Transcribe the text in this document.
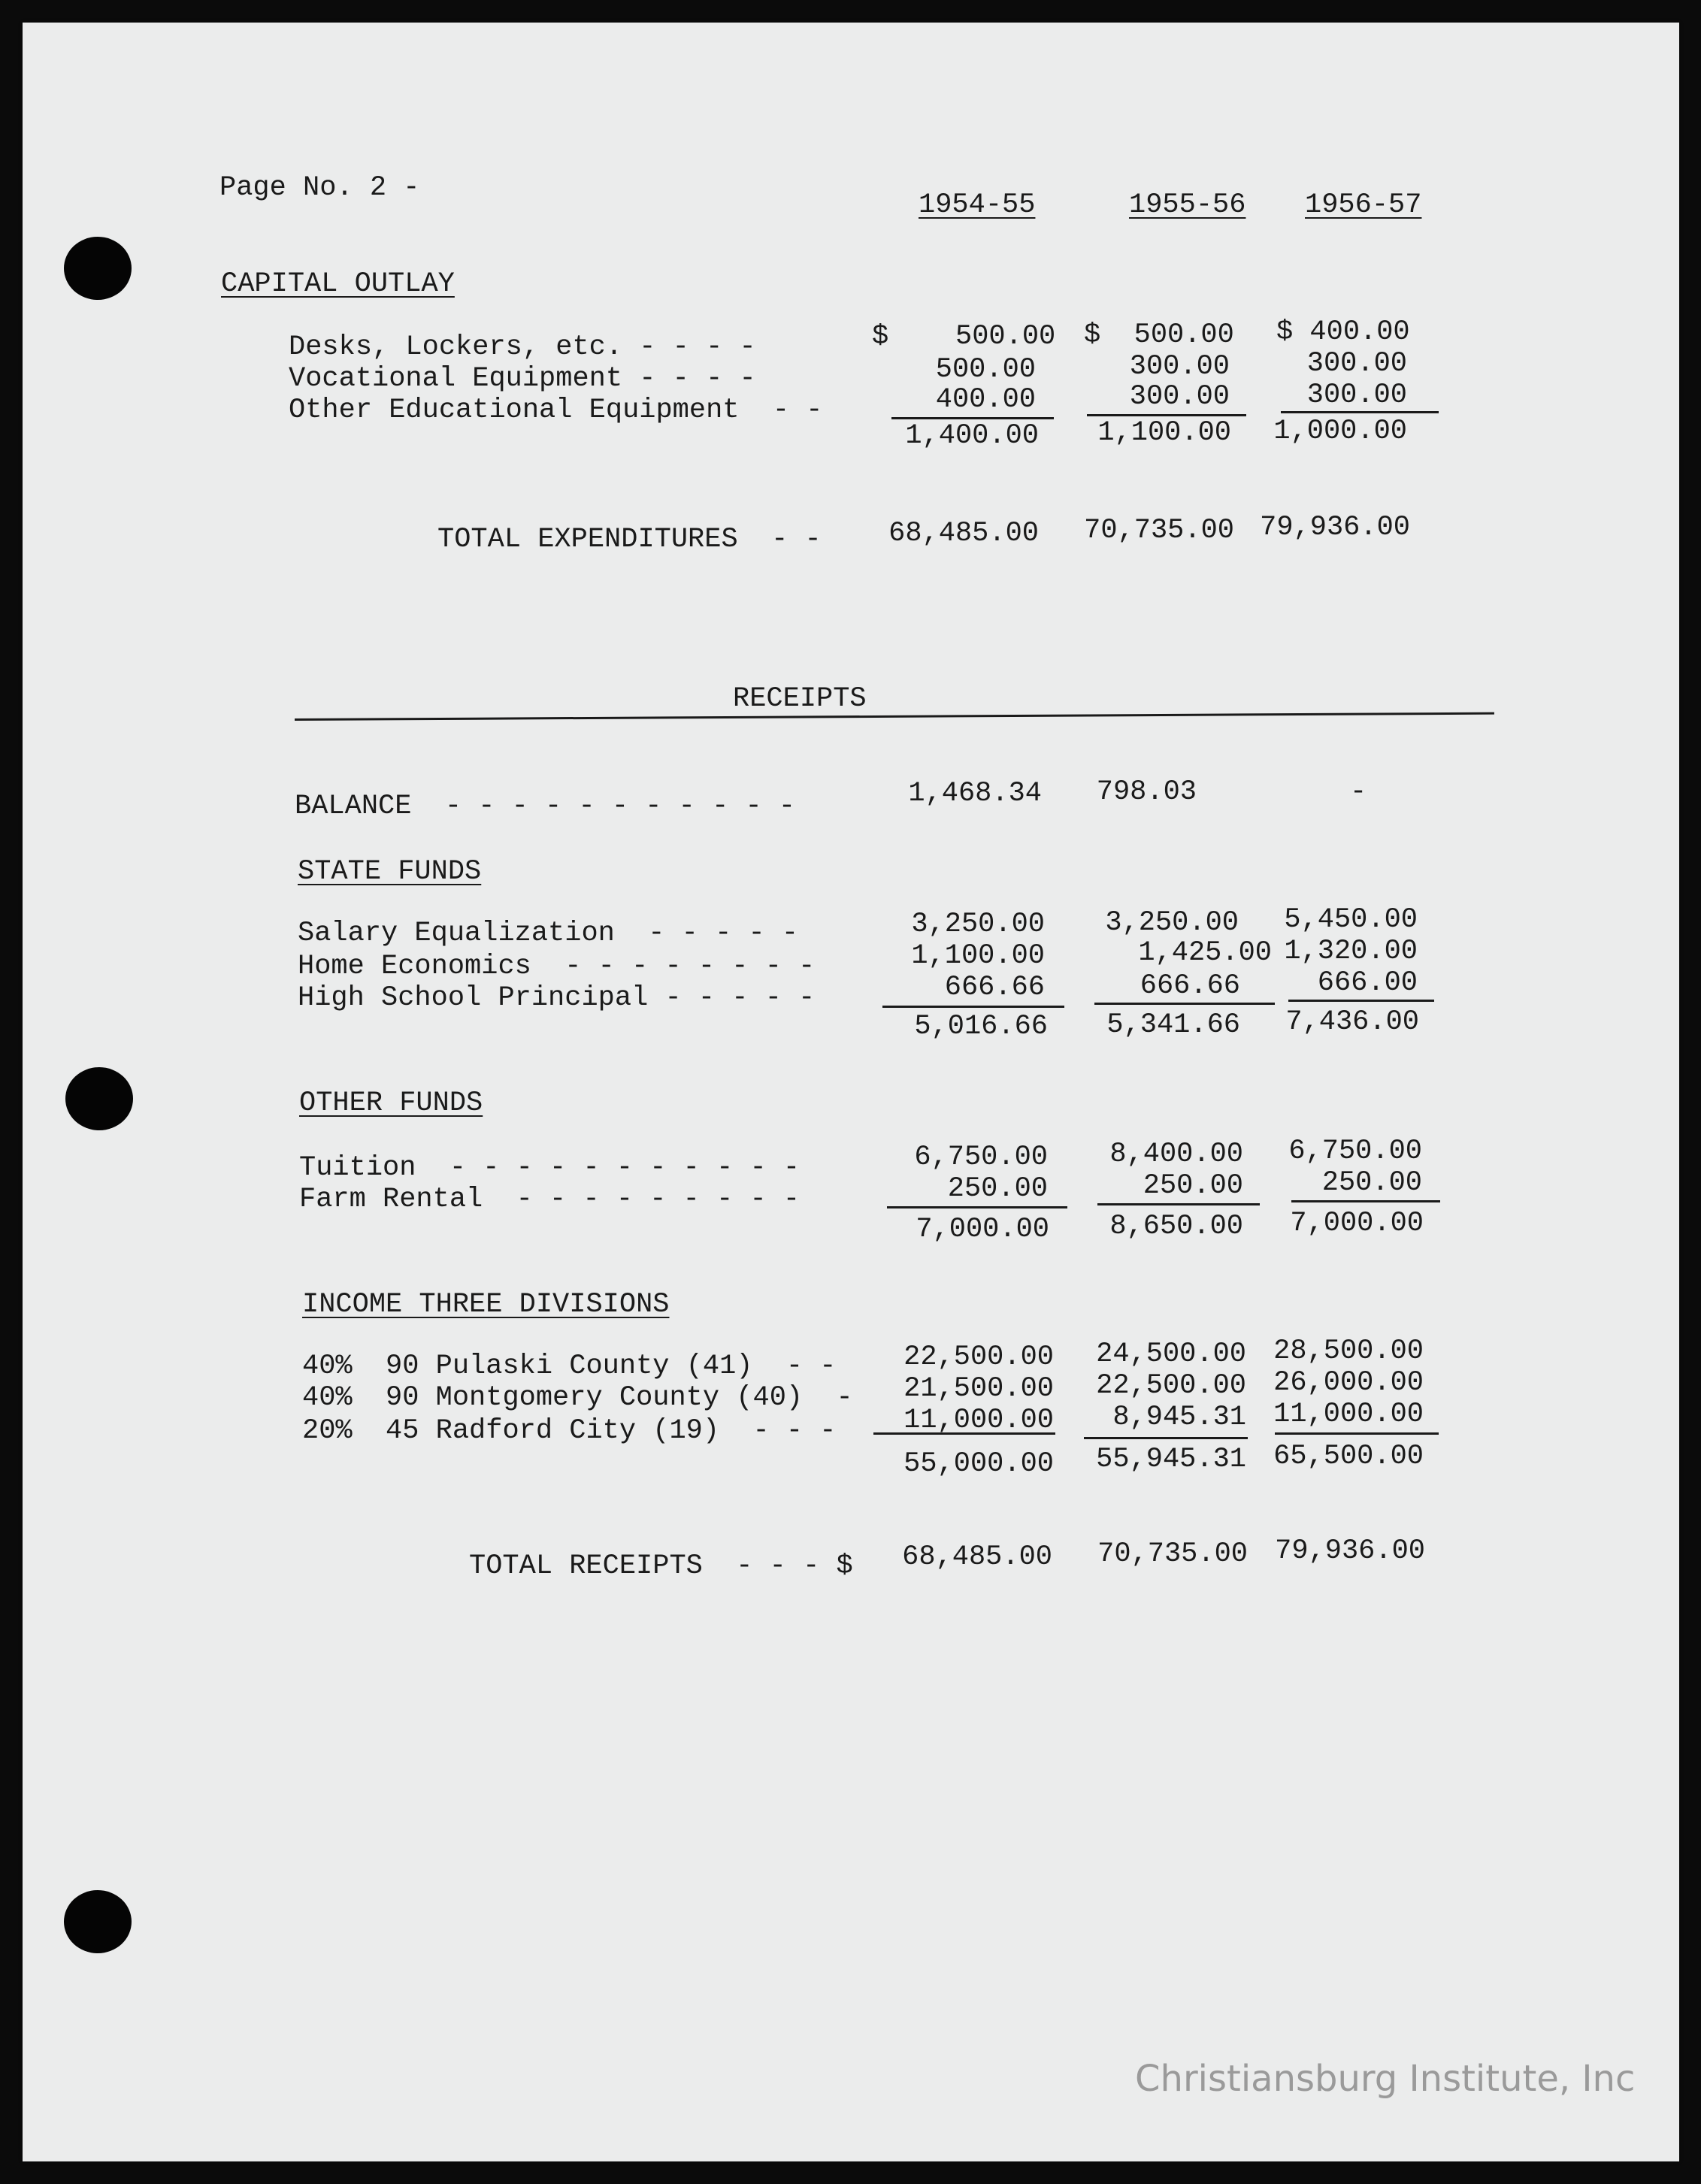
Page No. 2 -
1954-55	1955-56 1956-57
CAPITAL OUTLAY
Desks, Lockers, etc. - - - -	$    500.00 $  500.00 $ 400.00
Vocational Equipment - - - -	500.00	300.00	300.00
Other Educational Equipment  - -	400.00	300.00	300.00
1,400.00	1,100.00	1,000.00
TOTAL EXPENDITURES  - -	68,485.00	70,735.00 79,936.00
RECEIPTS
BALANCE  - - - - - - - - - - -	1,468.34	798.03	-
STATE FUNDS
Salary Equalization  - - - - -	3,250.00	3,250.00	5,450.00
Home Economics  - - - - - - - -	1,100.00	1,425.00 1,320.00
High School Principal - - - - -	666.66	666.66	666.00
5,016.66	5,341.66	7,436.00
OTHER FUNDS
Tuition  - - - - - - - - - - -	6,750.00	8,400.00	6,750.00
Farm Rental  - - - - - - - - -	250.00	250.00	250.00
7,000.00	8,650.00	7,000.00
INCOME THREE DIVISIONS
40%  90 Pulaski County (41)  - -	22,500.00	24,500.00 28,500.00
40%  90 Montgomery County (40)  -	21,500.00	22,500.00 26,000.00
20%  45 Radford City (19)  - - -	11,000.00	8,945.31 11,000.00
55,000.00	55,945.31 65,500.00
TOTAL RECEIPTS  - - - $	68,485.00	70,735.00 79,936.00
Christiansburg Institute, Inc
